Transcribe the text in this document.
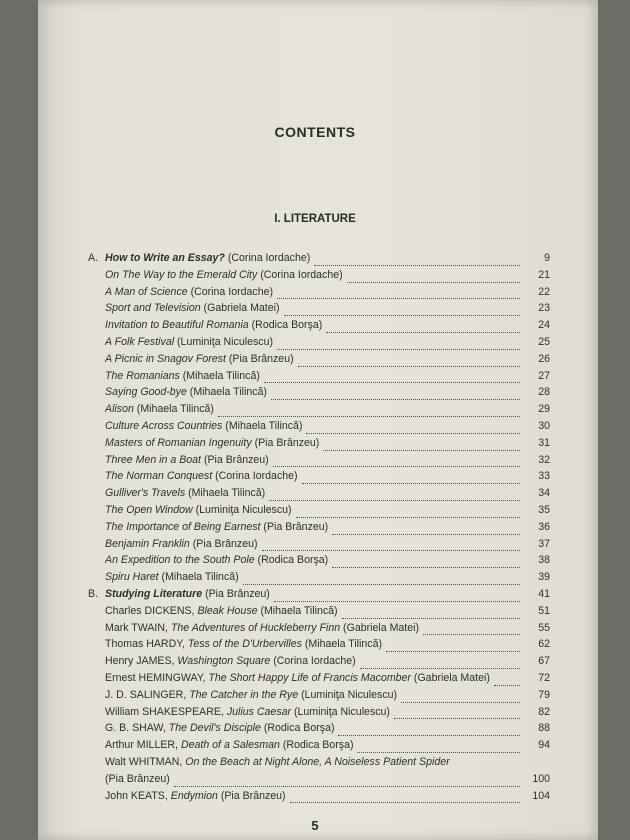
CONTENTS
I. LITERATURE
A. How to Write an Essay? (Corina Iordache)	9
On The Way to the Emerald City (Corina Iordache)	21
A Man of Science (Corina Iordache)	22
Sport and Television (Gabriela Matei)	23
Invitation to Beautiful Romania (Rodica Borşa)	24
A Folk Festival (Luminiţa Niculescu)	25
A Picnic in Snagov Forest (Pia Brânzeu)	26
The Romanians (Mihaela Tilincă)	27
Saying Good-bye (Mihaela Tilincă)	28
Alison (Mihaela Tilincă)	29
Culture Across Countries (Mihaela Tilincă)	30
Masters of Romanian Ingenuity (Pia Brânzeu)	31
Three Men in a Boat (Pia Brânzeu)	32
The Norman Conquest (Corina Iordache)	33
Gulliver's Travels (Mihaela Tilincă)	34
The Open Window (Luminiţa Niculescu)	35
The Importance of Being Earnest (Pia Brânzeu)	36
Benjamin Franklin (Pia Brânzeu)	37
An Expedition to the South Pole (Rodica Borşa)	38
Spiru Haret (Mihaela Tilincă)	39
B. Studying Literature (Pia Brânzeu)	41
Charles DICKENS, Bleak House (Mihaela Tilincă)	51
Mark TWAIN, The Adventures of Huckleberry Finn (Gabriela Matei)	55
Thomas HARDY, Tess of the D'Urbervilles (Mihaela Tilincă)	62
Henry JAMES, Washington Square (Corina Iordache)	67
Ernest HEMINGWAY, The Short Happy Life of Francis Macomber (Gabriela Matei)	72
J. D. SALINGER, The Catcher in the Rye (Luminiţa Niculescu)	79
William SHAKESPEARE, Julius Caesar (Luminiţa Niculescu)	82
G. B. SHAW, The Devil's Disciple (Rodica Borşa)	88
Arthur MILLER, Death of a Salesman (Rodica Borşa)	94
Walt WHITMAN, On the Beach at Night Alone, A Noiseless Patient Spider
(Pia Brânzeu)	100
John KEATS, Endymion (Pia Brânzeu)	104
5
